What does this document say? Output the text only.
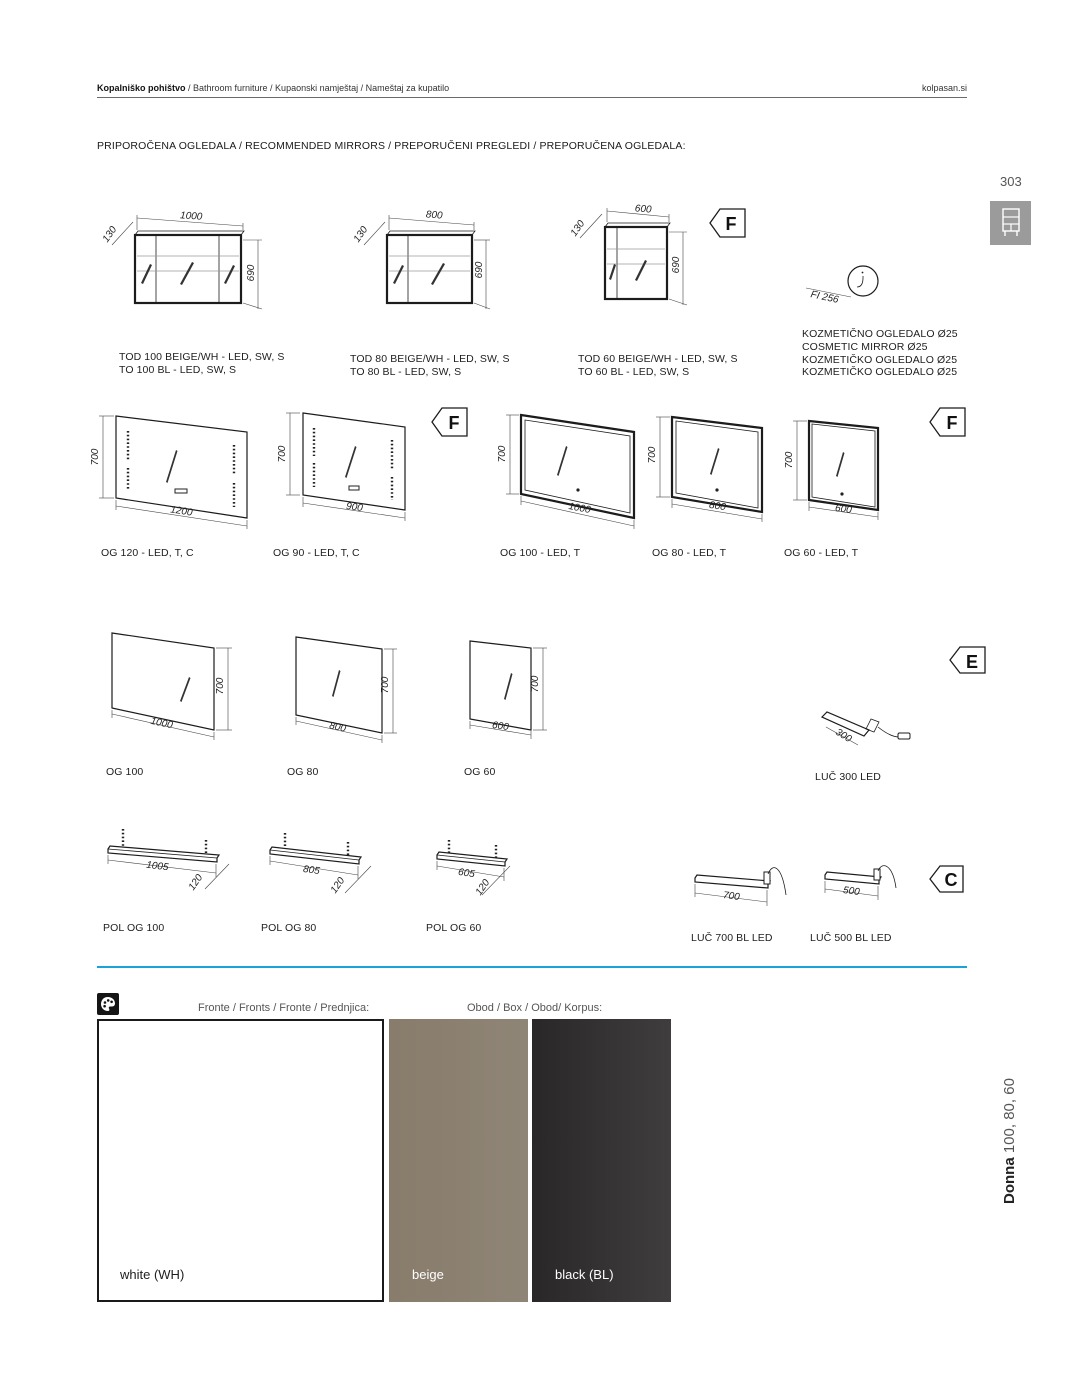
Kopalniško pohištvo / Bathroom furniture / Kupaonski namještaj / Nameštaj za kupatilo	kolpasan.si
PRIPOROČENA OGLEDALA / RECOMMENDED MIRRORS / PREPORUČENI PREGLEDI / PREPORUČENA OGLEDALA:
303
1000
130
690
800
130
690
600
130
690
F
FI 256
700
1200
700
900
F
700
1000
700
800
700
600
F
700
1000
700
800
700
600
E
300
1005
120
805
120
605
120	700	500
C
TOD 100 BEIGE/WH - LED, SW, S
TO 100 BL - LED, SW, S
TOD 80 BEIGE/WH - LED, SW, S
TO 80 BL - LED, SW, S
TOD 60 BEIGE/WH - LED, SW, S
TO 60 BL - LED, SW, S
KOZMETIČNO OGLEDALO Ø25
COSMETIC MIRROR Ø25
KOZMETIČKO OGLEDALO Ø25
KOZMETIČKO OGLEDALO Ø25
OG 120 - LED, T, C	OG 90 - LED, T, C	OG 100 - LED, T	OG 80 - LED, T	OG 60 - LED, T
OG 100	OG 80	OG 60	LUČ 300 LED
POL OG 100	POL OG 80	POL OG 60
LUČ 700 BL LED	LUČ 500 BL LED
Fronte / Fronts / Fronte / Prednjica:	Obod / Box / Obod/ Korpus:
white (WH)	beige	black (BL)
Donna 100, 80, 60
